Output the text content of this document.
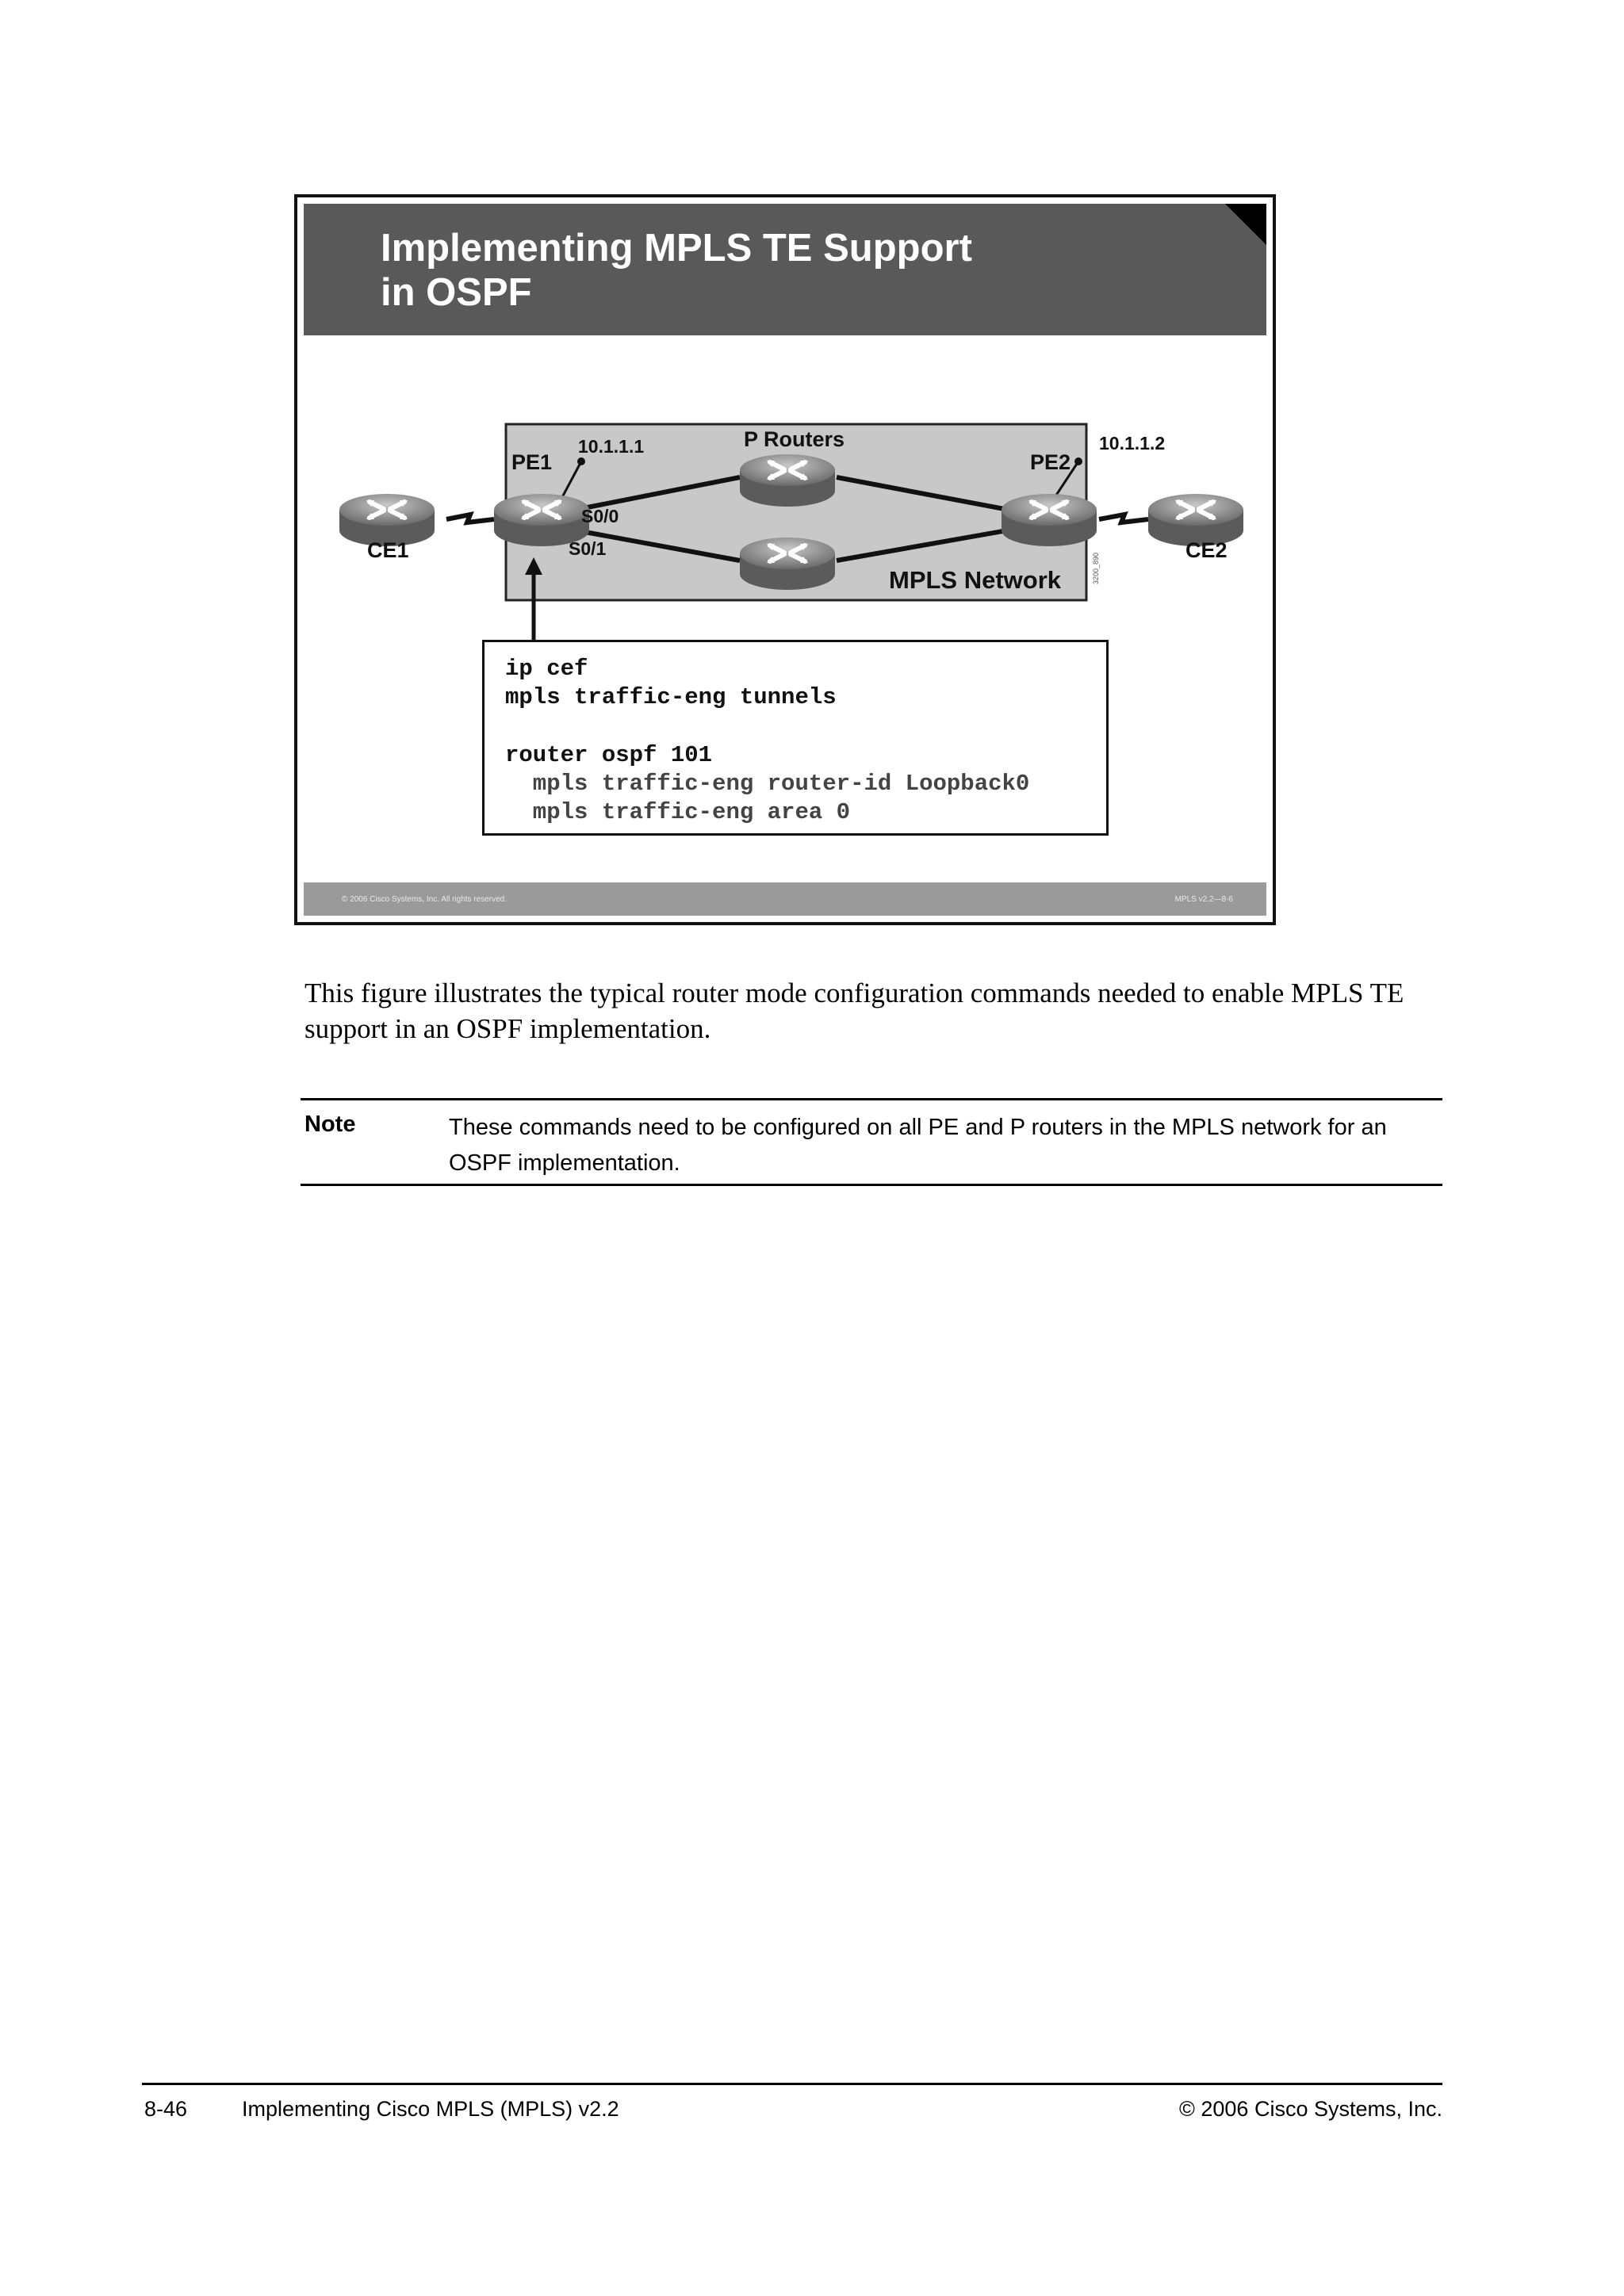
Implementing MPLS TE Support
in OSPF
CE1	CE2
PE1	PE2
P Routers
10.1.1.1	10.1.1.2
S0/0
S0/1
MPLS Network	3200_890
ip cef
mpls traffic-eng tunnels
router ospf 101
mpls traffic-eng router-id Loopback0
mpls traffic-eng area 0
© 2006 Cisco Systems, Inc. All rights reserved.	MPLS v2.2—8-6
This figure illustrates the typical router mode configuration commands needed to enable MPLS TE support in an OSPF implementation.
Note	These commands need to be configured on all PE and P routers in the MPLS network for an OSPF implementation.
8-46	Implementing Cisco MPLS (MPLS) v2.2	© 2006 Cisco Systems, Inc.
